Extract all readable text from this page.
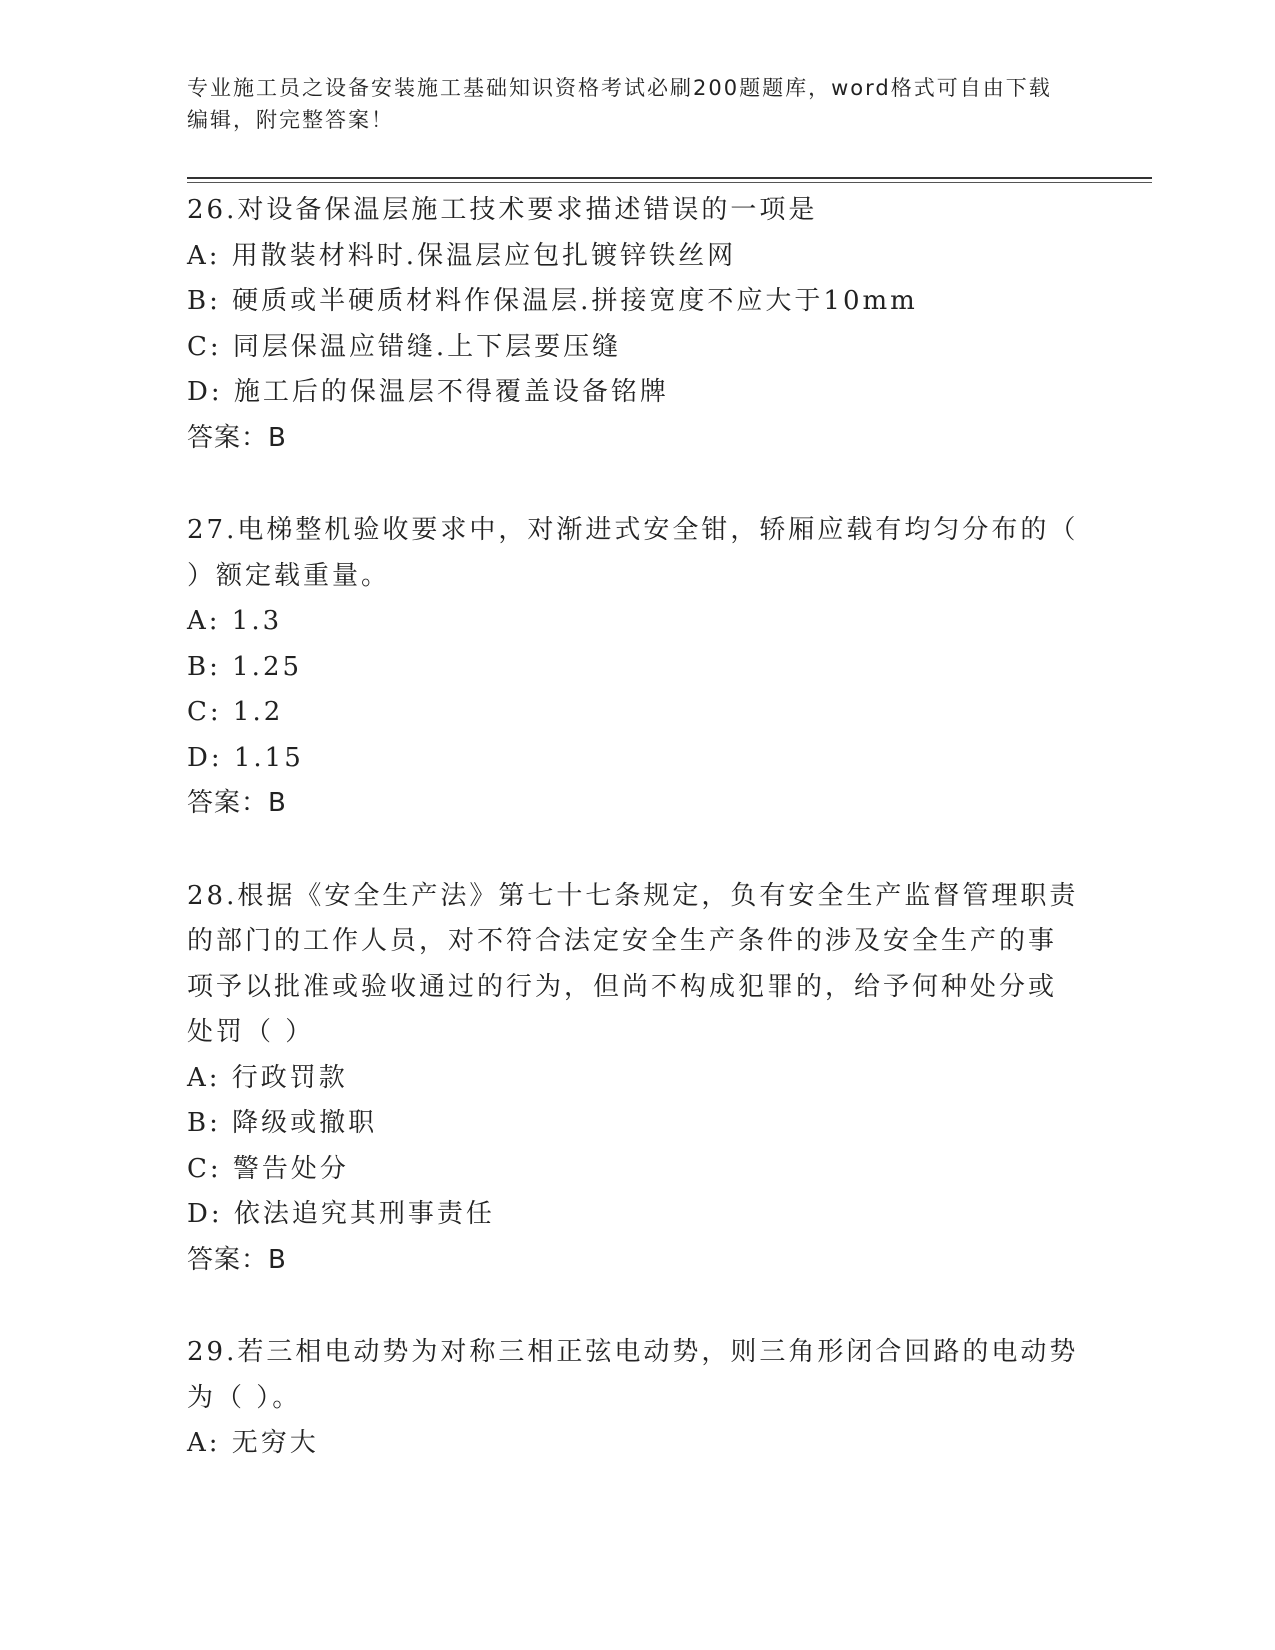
专业施工员之设备安装施工基础知识资格考试必刷200题题库，word格式可自由下载编辑，附完整答案！
26.对设备保温层施工技术要求描述错误的一项是
A: 用散装材料时.保温层应包扎镀锌铁丝网
B: 硬质或半硬质材料作保温层.拼接宽度不应大于10mm
C: 同层保温应错缝.上下层要压缝
D: 施工后的保温层不得覆盖设备铭牌
答案：B
27.电梯整机验收要求中，对渐进式安全钳，轿厢应载有均匀分布的（
）额定载重量。
A: 1.3
B: 1.25
C: 1.2
D: 1.15
答案：B
28.根据《安全生产法》第七十七条规定，负有安全生产监督管理职责
的部门的工作人员，对不符合法定安全生产条件的涉及安全生产的事
项予以批准或验收通过的行为，但尚不构成犯罪的，给予何种处分或
处罚（ ）
A: 行政罚款
B: 降级或撤职
C: 警告处分
D: 依法追究其刑事责任
答案：B
29.若三相电动势为对称三相正弦电动势，则三角形闭合回路的电动势
为（ ）。
A: 无穷大
